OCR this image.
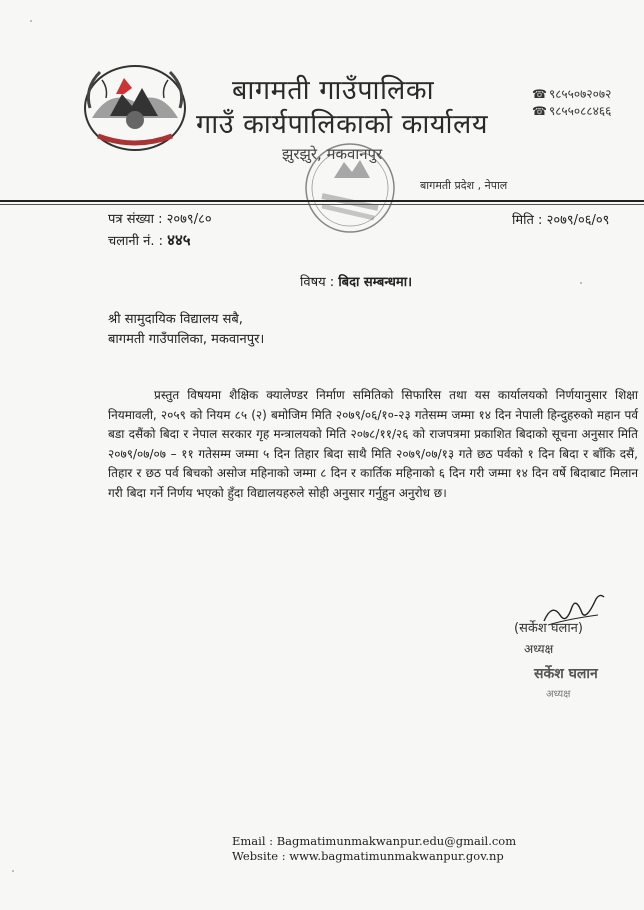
बागमती गाउँपालिका
गाउँ कार्यपालिकाको कार्यालय
झुरझुरे, मकवानपुर
बागमती प्रदेश , नेपाल
☎ ९८५५०७२०७२
☎ ९८५५०८८४६६
पत्र संख्या : २०७९/८०
चलानी नं. : ४४५
मिति : २०७९/०६/०९
विषय : बिदा सम्बन्धमा।
श्री सामुदायिक विद्यालय सबै,
बागमती गाउँपालिका, मकवानपुर।
प्रस्तुत विषयमा शैक्षिक क्यालेण्डर निर्माण समितिको सिफारिस तथा यस कार्यालयको निर्णयानुसार शिक्षा नियमावली, २०५९ को नियम ८५ (२) बमोजिम मिति २०७९/०६/१०-२३ गतेसम्म जम्मा १४ दिन नेपाली हिन्दुहरुको महान पर्व बडा दसैंको बिदा र नेपाल सरकार गृह मन्त्रालयको मिति २०७८/११/२६ को राजपत्रमा प्रकाशित बिदाको सूचना अनुसार मिति २०७९/०७/०७ – ११ गतेसम्म जम्मा ५ दिन तिहार बिदा साथै मिति २०७९/०७/१३ गते छठ पर्वको १ दिन बिदा र बाँकि दसैं, तिहार र छठ पर्व बिचको असोज महिनाको जम्मा ८ दिन र कार्तिक महिनाको ६ दिन गरी जम्मा १४ दिन वर्षे बिदाबाट मिलान गरी बिदा गर्ने निर्णय भएको हुँदा विद्यालयहरुले सोही अनुसार गर्नुहुन अनुरोध छ।
(सर्केश घलान)
अध्यक्ष
सर्केश घलान
अध्यक्ष
Email : Bagmatimunmakwanpur.edu@gmail.com
Website : www.bagmatimunmakwanpur.gov.np
